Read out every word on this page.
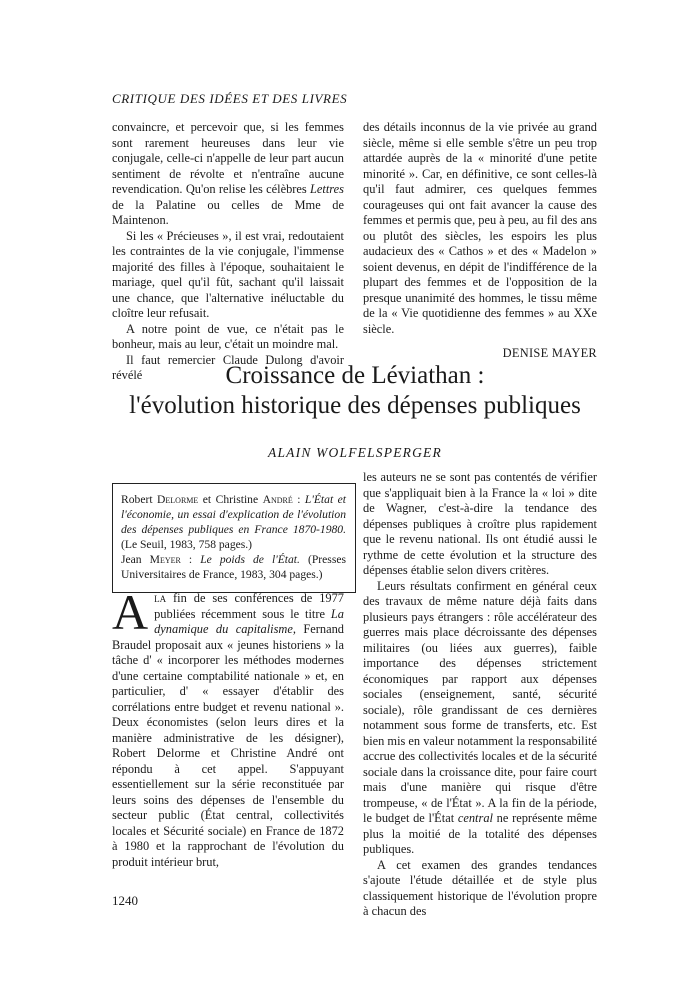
CRITIQUE DES IDÉES ET DES LIVRES

convaincre, et percevoir que, si les femmes sont rarement heureuses dans leur vie conjugale, celle-ci n'appelle de leur part aucun sentiment de révolte et n'entraîne aucune revendication. Qu'on relise les célèbres Lettres de la Palatine ou celles de Mme de Maintenon.

Si les « Précieuses », il est vrai, redoutaient les contraintes de la vie conjugale, l'immense majorité des filles à l'époque, souhaitaient le mariage, quel qu'il fût, sachant qu'il laissait une chance, que l'alternative inéluctable du cloître leur refusait.

A notre point de vue, ce n'était pas le bonheur, mais au leur, c'était un moindre mal.

Il faut remercier Claude Dulong d'avoir révélé

des détails inconnus de la vie privée au grand siècle, même si elle semble s'être un peu trop attardée auprès de la « minorité d'une petite minorité ». Car, en définitive, ce sont celles-là qu'il faut admirer, ces quelques femmes courageuses qui ont fait avancer la cause des femmes et permis que, peu à peu, au fil des ans ou plutôt des siècles, les espoirs les plus audacieux des « Cathos » et des « Madelon » soient devenus, en dépit de l'indifférence de la plupart des femmes et de l'opposition de la presque unanimité des hommes, le tissu même de la « Vie quotidienne des femmes » au XXe siècle.

DENISE MAYER

Croissance de Léviathan :
l'évolution historique des dépenses publiques
ALAIN WOLFELSPERGER

Robert Delorme et Christine André : L'État et l'économie, un essai d'explication de l'évolution des dépenses publiques en France 1870-1980. (Le Seuil, 1983, 758 pages.)

Jean Meyer : Le poids de l'État. (Presses Universitaires de France, 1983, 304 pages.)

Ala fin de ses conférences de 1977 publiées récemment sous le titre La dynamique du capitalisme, Fernand Braudel proposait aux « jeunes historiens » la tâche d' « incorporer les méthodes modernes d'une certaine comptabilité nationale » et, en particulier, d' « essayer d'établir des corrélations entre budget et revenu national ». Deux économistes (selon leurs dires et la manière administrative de les désigner), Robert Delorme et Christine André ont répondu à cet appel. S'appuyant essentiellement sur la série reconstituée par leurs soins des dépenses de l'ensemble du secteur public (État central, collectivités locales et Sécurité sociale) en France de 1872 à 1980 et la rapprochant de l'évolution du produit intérieur brut,

les auteurs ne se sont pas contentés de vérifier que s'appliquait bien à la France la « loi » dite de Wagner, c'est-à-dire la tendance des dépenses publiques à croître plus rapidement que le revenu national. Ils ont étudié aussi le rythme de cette évolution et la structure des dépenses établie selon divers critères.

Leurs résultats confirment en général ceux des travaux de même nature déjà faits dans plusieurs pays étrangers : rôle accélérateur des guerres mais place décroissante des dépenses militaires (ou liées aux guerres), faible importance des dépenses strictement économiques par rapport aux dépenses sociales (enseignement, santé, sécurité sociale), rôle grandissant de ces dernières notamment sous forme de transferts, etc. Est bien mis en valeur notamment la responsabilité accrue des collectivités locales et de la sécurité sociale dans la croissance dite, pour faire court mais d'une manière qui risque d'être trompeuse, « de l'État ». A la fin de la période, le budget de l'État central ne représente même plus la moitié de la totalité des dépenses publiques.

A cet examen des grandes tendances s'ajoute l'étude détaillée et de style plus classiquement historique de l'évolution propre à chacun des

1240
